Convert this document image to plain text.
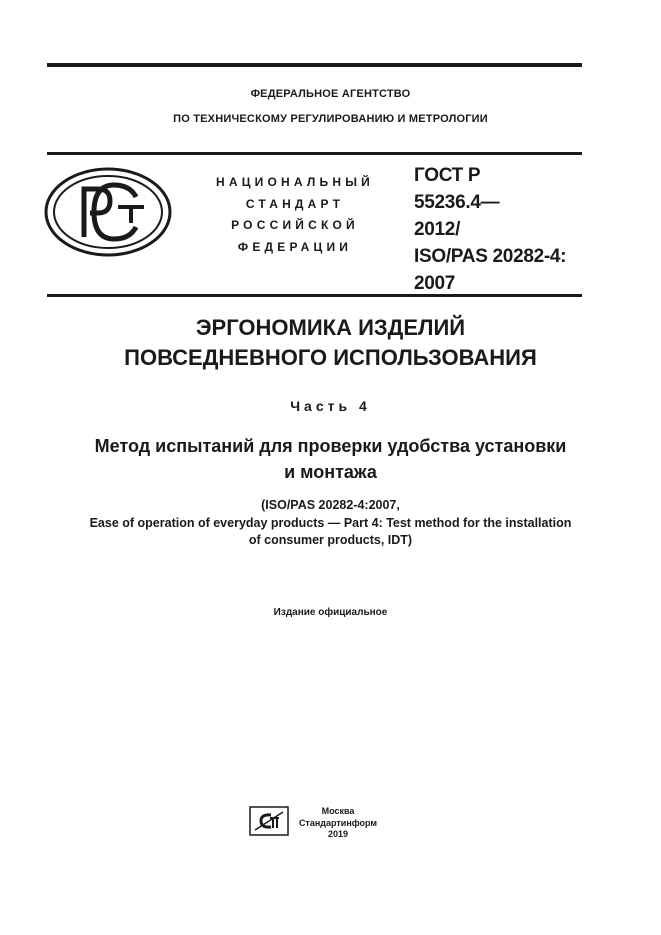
ФЕДЕРАЛЬНОЕ АГЕНТСТВО
ПО ТЕХНИЧЕСКОМУ РЕГУЛИРОВАНИЮ И МЕТРОЛОГИИ
НАЦИОНАЛЬНЫЙ
СТАНДАРТ
РОССИЙСКОЙ
ФЕДЕРАЦИИ
ГОСТ Р
55236.4—
2012/
ISO/PAS 20282-4:
2007
ЭРГОНОМИКА ИЗДЕЛИЙ
ПОВСЕДНЕВНОГО ИСПОЛЬЗОВАНИЯ
Часть 4
Метод испытаний для проверки удобства установки
и монтажа
(ISO/PAS 20282-4:2007,
Ease of operation of everyday products — Part 4: Test method for the installation
of consumer products, IDT)
Издание официальное
Москва
Стандартинформ
2019
